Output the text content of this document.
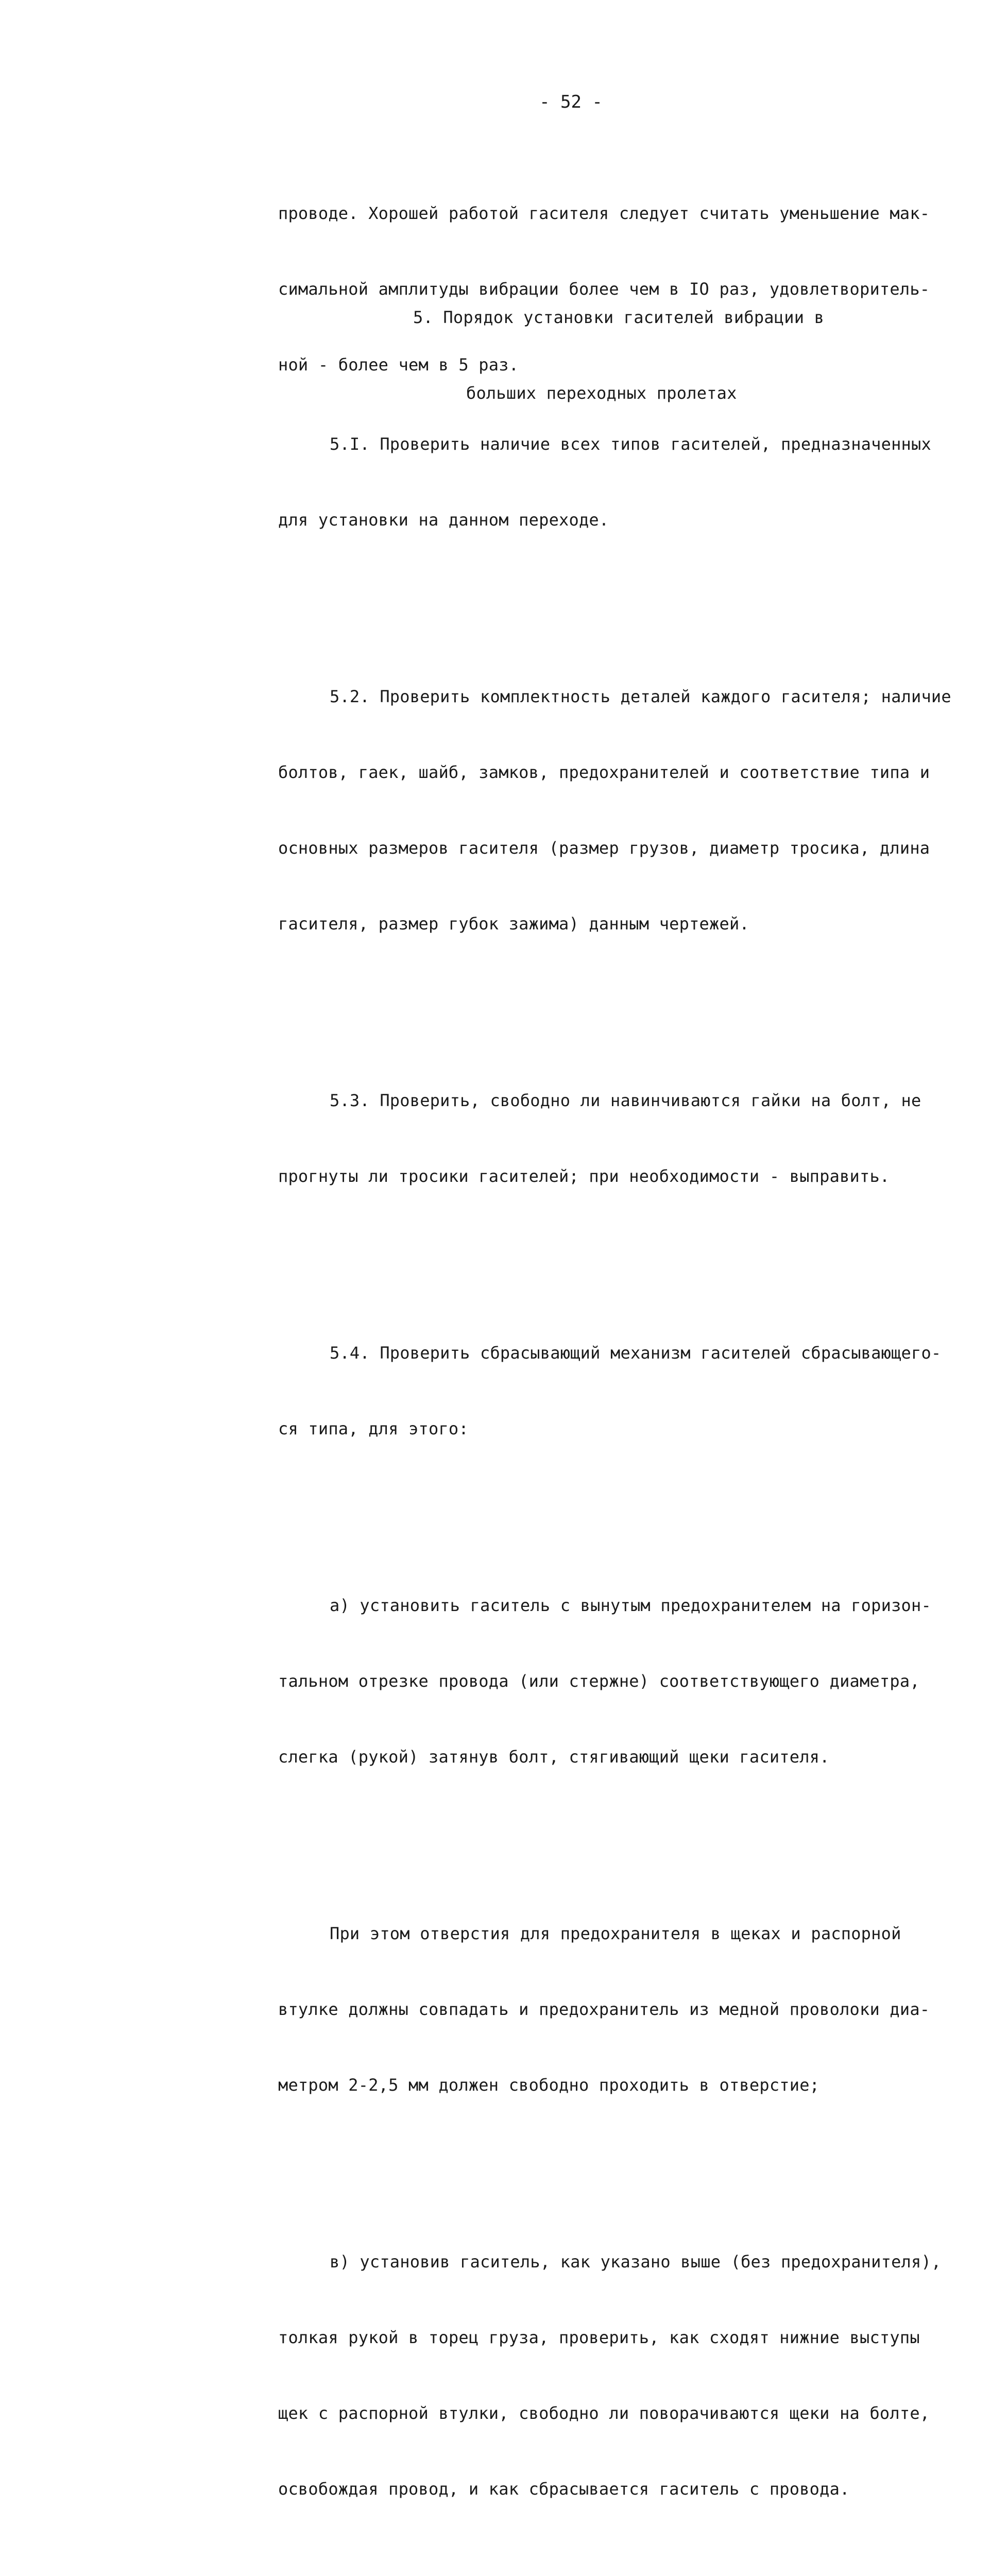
- 52 -

проводе. Хорошей работой гасителя следует считать уменьшение мак-

симальной амплитуды вибрации более чем в IO раз, удовлетворитель-

ной - более чем в 5 раз.

5. Порядок установки гасителей вибрации в

больших переходных пролетах

5.I. Проверить наличие всех типов гасителей, предназначенных

для установки на данном переходе.

5.2. Проверить комплектность деталей каждого гасителя; наличие

болтов, гаек, шайб, замков, предохранителей и соответствие типа и

основных размеров гасителя (размер грузов, диаметр тросика, длина

гасителя, размер губок зажима) данным чертежей.

5.3. Проверить, свободно ли навинчиваются гайки на болт, не

прогнуты ли тросики гасителей; при необходимости - выправить.

5.4. Проверить сбрасывающий механизм гасителей сбрасывающего-

ся типа, для этого:

а) установить гаситель с вынутым предохранителем на горизон-

тальном отрезке провода (или стержне) соответствующего диаметра,

слегка (рукой) затянув болт, стягивающий щеки гасителя.

При этом отверстия для предохранителя в щеках и распорной

втулке должны совпадать и предохранитель из медной проволоки диа-

метром 2-2,5 мм должен свободно проходить в отверстие;

в) установив гаситель, как указано выше (без предохранителя),

толкая рукой в торец груза, проверить, как сходят нижние выступы

щек с распорной втулки, свободно ли поворачиваются щеки на болте,

освобождая провод, и как сбрасывается гаситель с провода.
